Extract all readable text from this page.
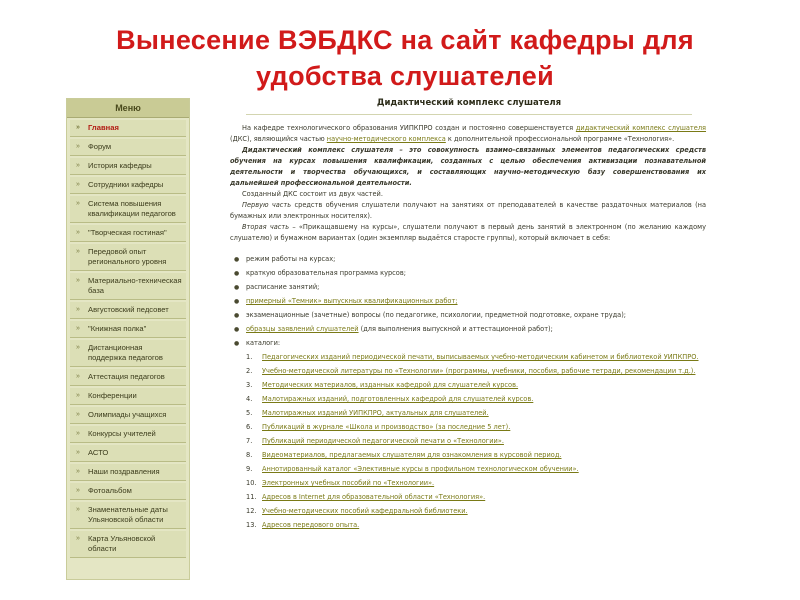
Вынесение ВЭБДКС на сайт кафедры для
удобства слушателей
Меню
»	Главная
»	Форум
»	История кафедры
»	Сотрудники кафедры
»	Система повышения квалификации педагогов
»	"Творческая гостиная"
»	Передовой опыт регионального уровня
»	Материально-техническая база
»	Августовский педсовет
»	"Книжная полка"
»	Дистанционная поддержка педагогов
»	Аттестация педагогов
»	Конференции
»	Олимпиады учащихся
»	Конкурсы учителей
»	АСТО
»	Наши поздравления
»	Фотоальбом
»	Знаменательные даты Ульяновской области
»	Карта Ульяновской области
Дидактический комплекс слушателя
На кафедре технологического образования УИПКПРО создан и постоянно совершенствуется дидактический комплекс слушателя (ДКС), являющийся частью научно-методического комплекса к дополнительной профессиональной программе «Технология».
Дидактический комплекс слушателя – это совокупность взаимо-связанных элементов педагогических средств обучения на курсах повышения квалификации, созданных с целью обеспечения активизации познавательной деятельности и творчества обучающихся, и составляющих научно-методическую базу совершенствования их дальнейшей профессиональной деятельности.
Созданный ДКС состоит из двух частей.
Первую часть средств обучения слушатели получают на занятиях от преподавателей в качестве раздаточных материалов (на бумажных или электронных носителях).
Вторая часть – «Прикащавшему на курсы», слушатели получают в первый день занятий в электронном (по желанию каждому слушателю) и бумажном вариантах (один экземпляр выдаётся старосте группы), который включает в себя:
● режим работы на курсах;
● краткую образовательная программа курсов;
● расписание занятий;
● примерный «Темник» выпускных квалификационных работ;
● экзаменационные (зачетные) вопросы (по педагогике, психологии, предметной подготовке, охране труда);
● образцы заявлений слушателей (для выполнения выпускной и аттестационной работ);
● каталоги:
1.	Педагогических изданий периодической печати, выписываемых учебно-методическим кабинетом и библиотекой УИПКПРО.
2.	Учебно-методической литературы по «Технологии» (программы, учебники, пособия, рабочие тетради, рекомендации т.д.).
3.	Методических материалов, изданных кафедрой для слушателей курсов.
4.	Малотиражных изданий, подготовленных кафедрой для слушателей курсов.
5.	Малотиражных изданий УИПКПРО, актуальных для слушателей.
6.	Публикаций в журнале «Школа и производство» (за последние 5 лет).
7.	Публикаций периодической педагогической печати о «Технологии».
8.	Видеоматериалов, предлагаемых слушателям для ознакомления в курсовой период.
9.	Аннотированный каталог «Элективные курсы в профильном технологическом обучении».
10. Электронных учебных пособий по «Технологии».
11. Адресов в Internet для образовательной области «Технология».
12. Учебно-методических пособий кафедральной библиотеки.
13. Адресов передового опыта.
